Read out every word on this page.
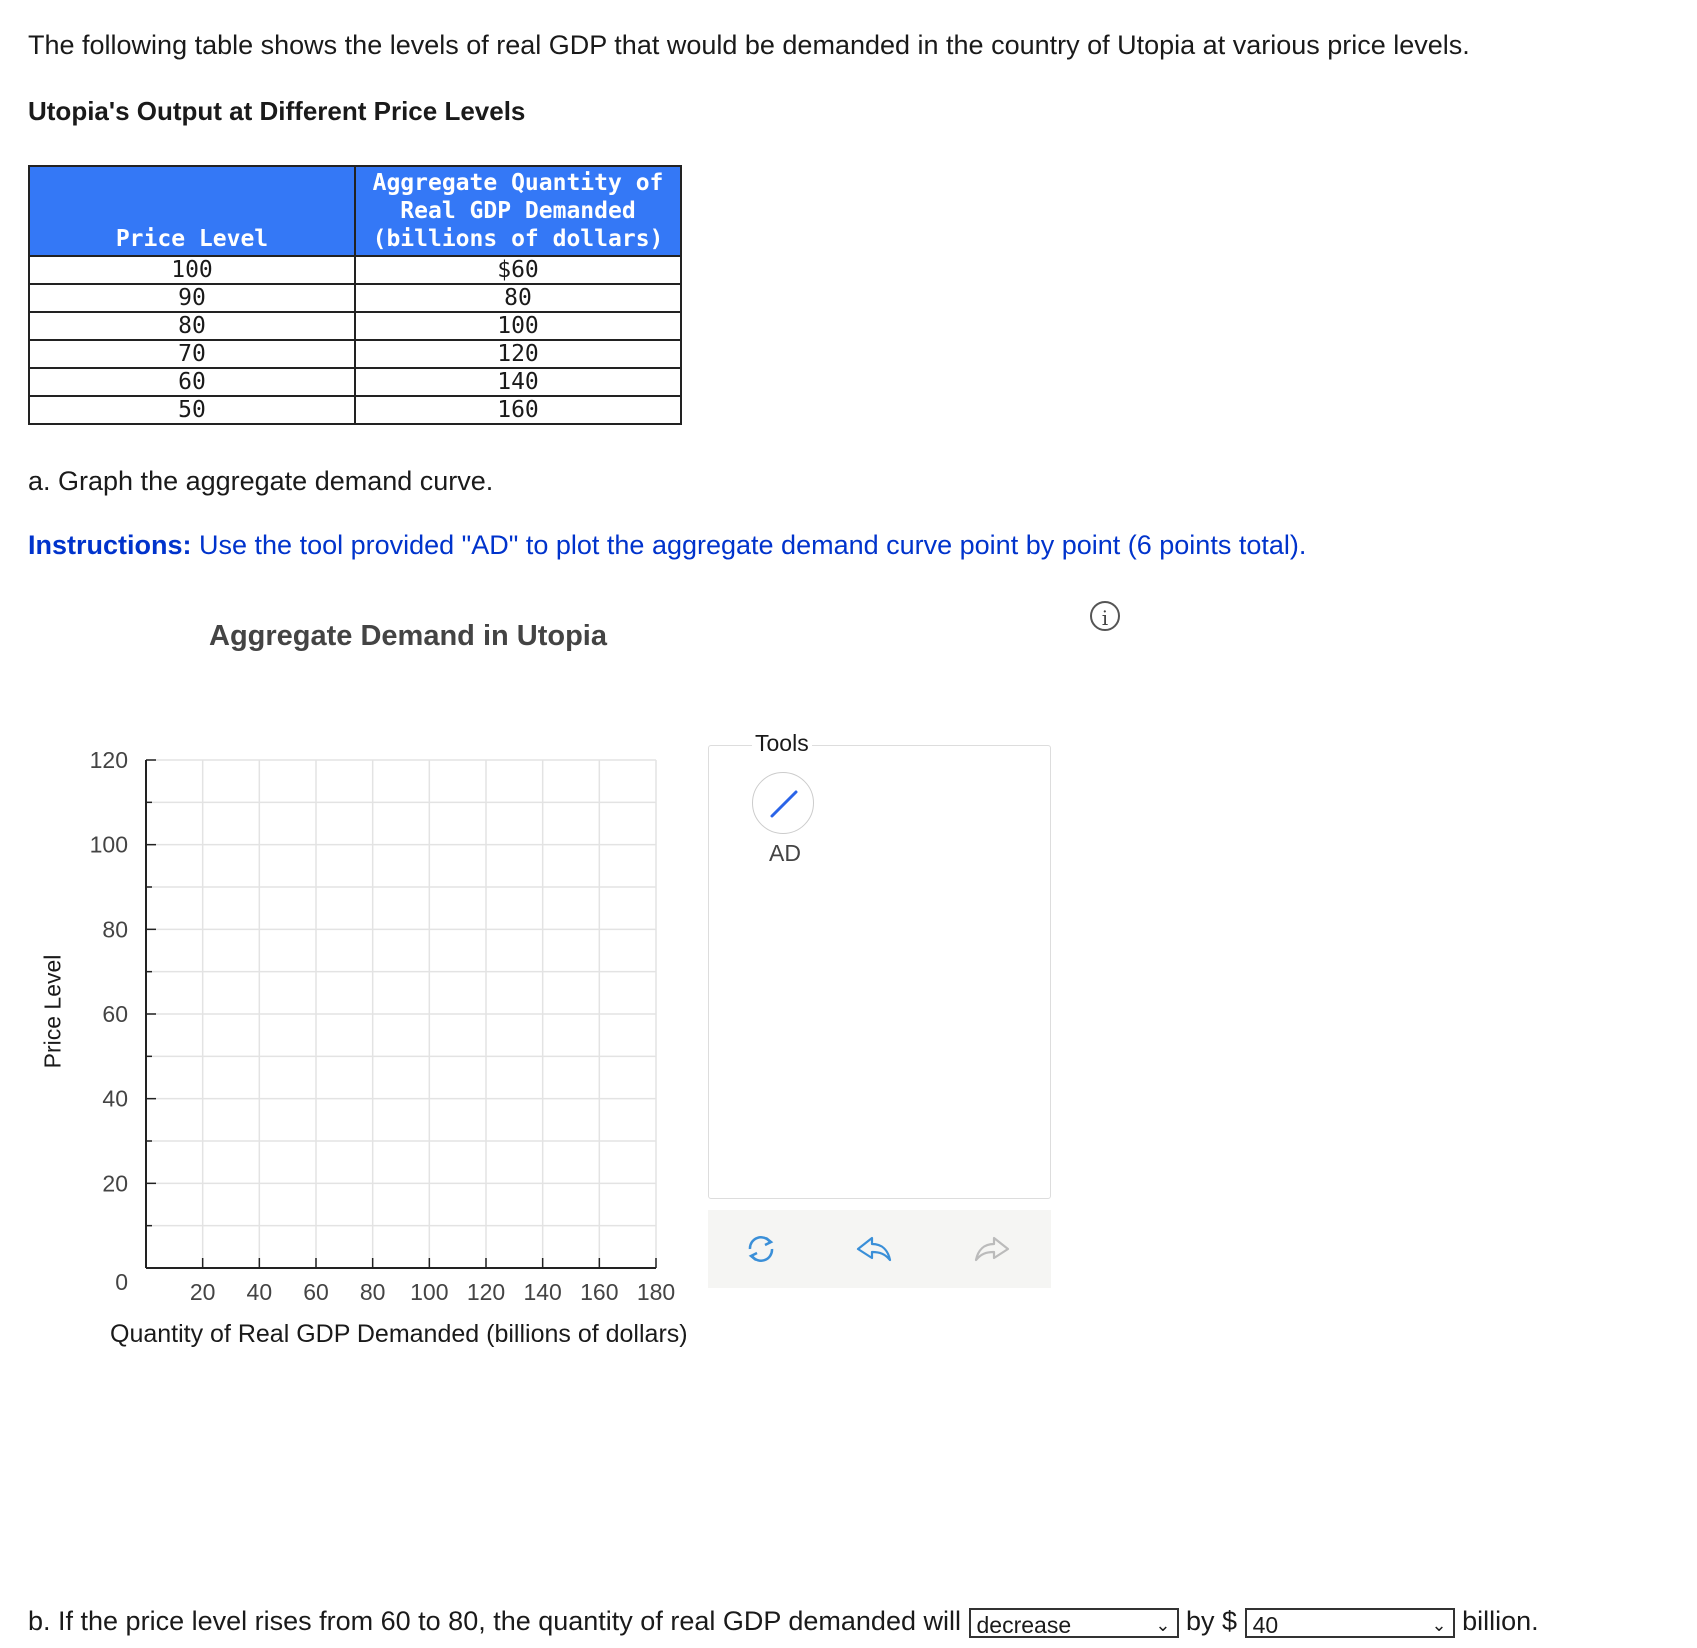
The following table shows the levels of real GDP that would be demanded in the country of Utopia at various price levels.
Utopia's Output at Different Price Levels
Price Level	Aggregate Quantity of
Real GDP Demanded
(billions of dollars)

100	$60
90	80
80	100
70	120
60	140
50	160
a. Graph the aggregate demand curve.
Instructions: Use the tool provided "AD" to plot the aggregate demand curve point by point (6 points total).
i
Aggregate Demand in Utopia
Price Level
Quantity of Real GDP Demanded (billions of dollars)
0
20
40
60
80
100
120
20 40 60 80 100 120 140 160 180
Tools
AD
b. If the price level rises from 60 to 80, the quantity of real GDP demanded will decrease	⌄ by $ 40	⌄ billion.
